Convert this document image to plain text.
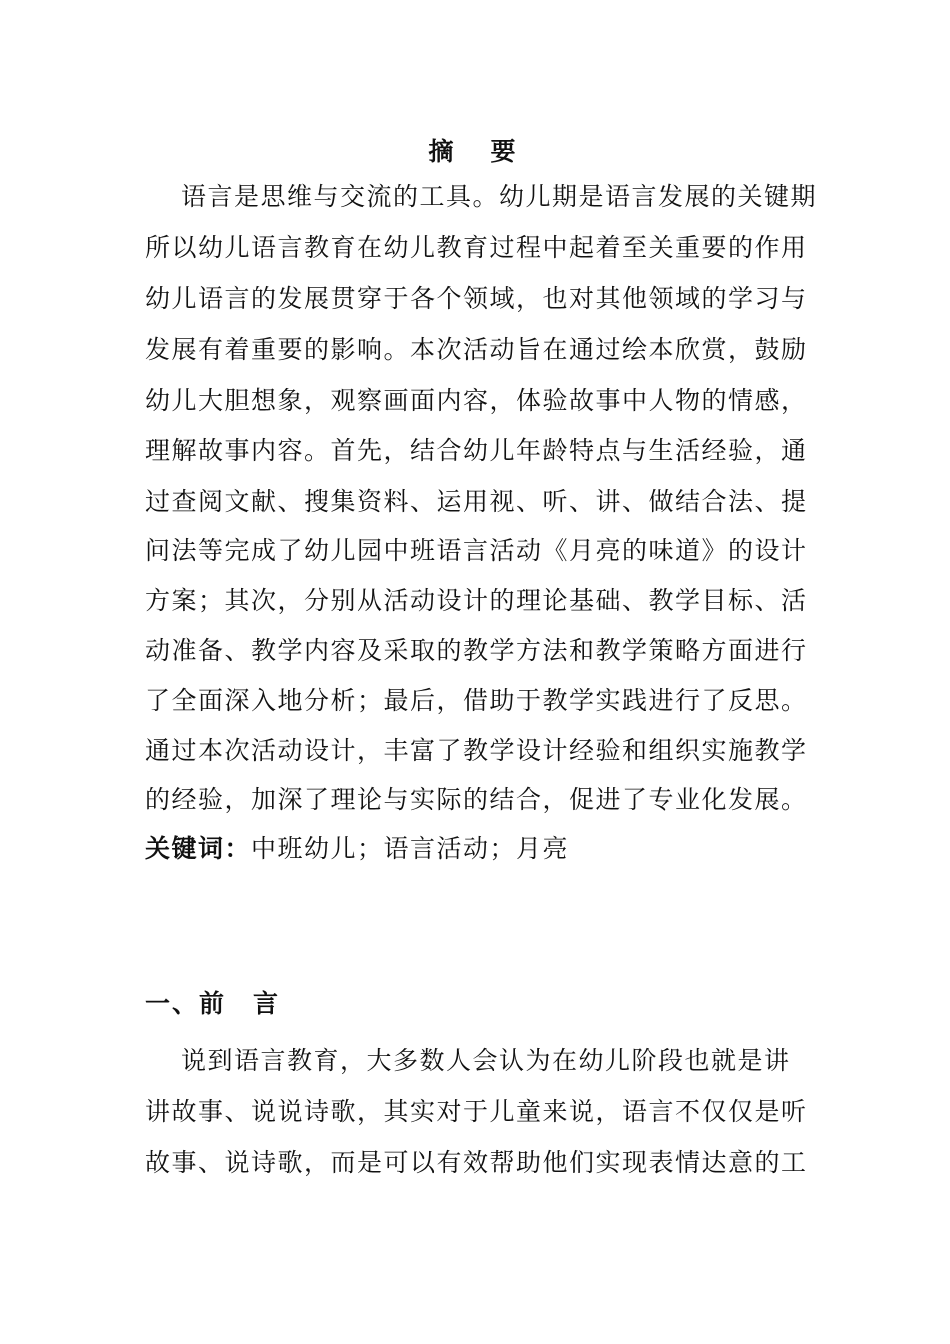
摘　要
　 语言是思维与交流的工具。幼儿期是语言发展的关键期
所以幼儿语言教育在幼儿教育过程中起着至关重要的作用
幼儿语言的发展贯穿于各个领域，也对其他领域的学习与
发展有着重要的影响。本次活动旨在通过绘本欣赏，鼓励
幼儿大胆想象，观察画面内容，体验故事中人物的情感，
理解故事内容。首先，结合幼儿年龄特点与生活经验，通
过查阅文献、搜集资料、运用视、听、讲、做结合法、提
问法等完成了幼儿园中班语言活动《月亮的味道》的设计
方案；其次，分别从活动设计的理论基础、教学目标、活
动准备、教学内容及采取的教学方法和教学策略方面进行
了全面深入地分析；最后，借助于教学实践进行了反思。
通过本次活动设计，丰富了教学设计经验和组织实施教学
的经验，加深了理论与实际的结合，促进了专业化发展。
关键词：中班幼儿；语言活动；月亮
一、前　言
　 说到语言教育，大多数人会认为在幼儿阶段也就是讲
讲故事、说说诗歌，其实对于儿童来说，语言不仅仅是听
故事、说诗歌，而是可以有效帮助他们实现表情达意的工
